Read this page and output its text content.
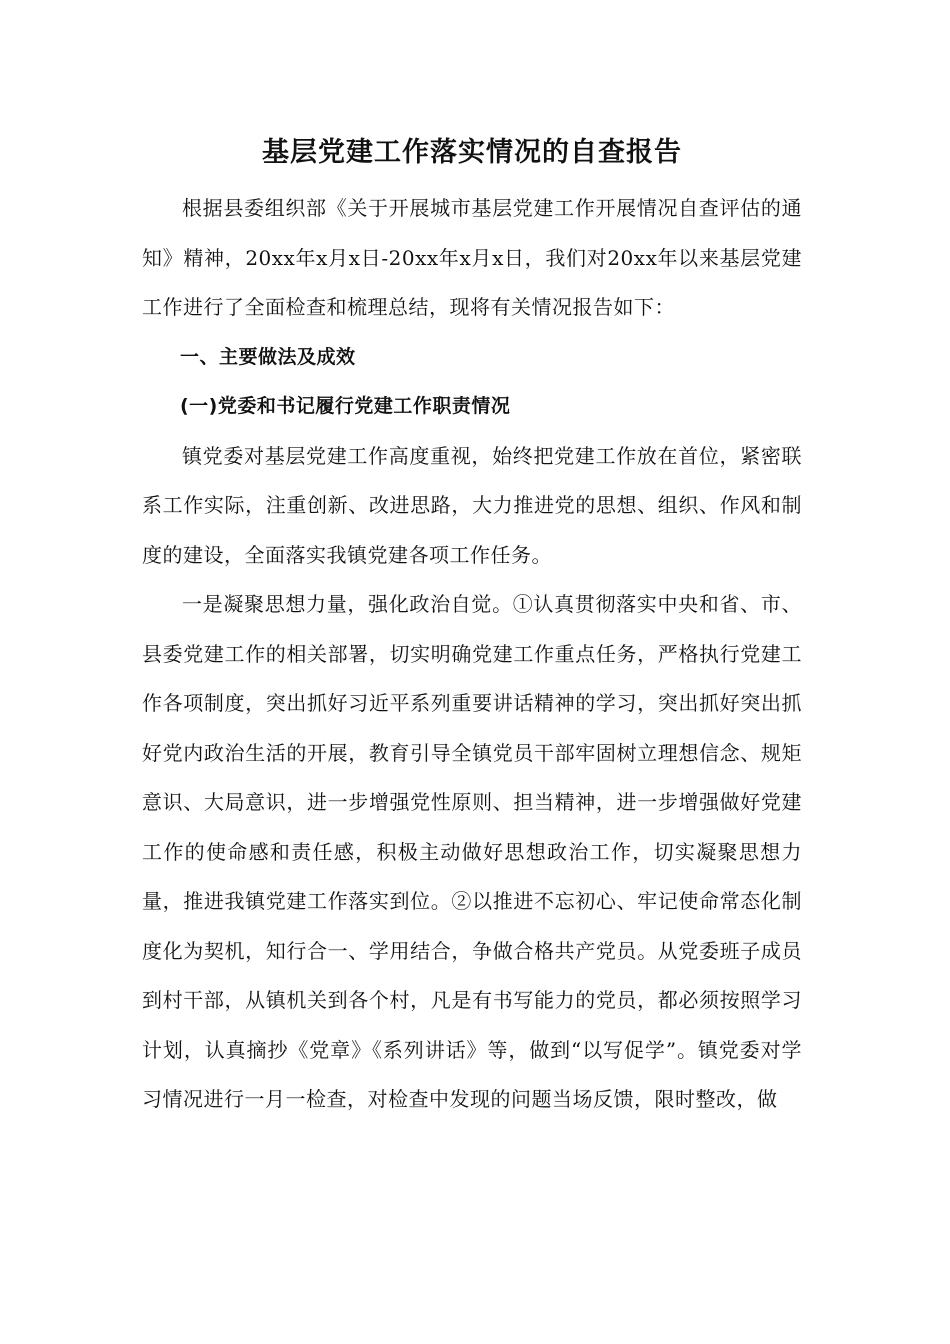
基层党建工作落实情况的自查报告

根据县委组织部《关于开展城市基层党建工作开展情况自查评估的通知》精神，20xx年x月x日-20xx年x月x日，我们对20xx年以来基层党建工作进行了全面检查和梳理总结，现将有关情况报告如下：

一、主要做法及成效

(一)党委和书记履行党建工作职责情况

镇党委对基层党建工作高度重视，始终把党建工作放在首位，紧密联系工作实际，注重创新、改进思路，大力推进党的思想、组织、作风和制度的建设，全面落实我镇党建各项工作任务。

一是凝聚思想力量，强化政治自觉。①认真贯彻落实中央和省、市、县委党建工作的相关部署，切实明确党建工作重点任务，严格执行党建工作各项制度，突出抓好习近平系列重要讲话精神的学习，突出抓好突出抓好党内政治生活的开展，教育引导全镇党员干部牢固树立理想信念、规矩意识、大局意识，进一步增强党性原则、担当精神，进一步增强做好党建工作的使命感和责任感，积极主动做好思想政治工作，切实凝聚思想力量，推进我镇党建工作落实到位。②以推进不忘初心、牢记使命常态化制度化为契机，知行合一、学用结合，争做合格共产党员。从党委班子成员到村干部，从镇机关到各个村，凡是有书写能力的党员，都必须按照学习计划，认真摘抄《党章》《系列讲话》等，做到“以写促学”。镇党委对学习情况进行一月一检查，对检查中发现的问题当场反馈，限时整改，做
